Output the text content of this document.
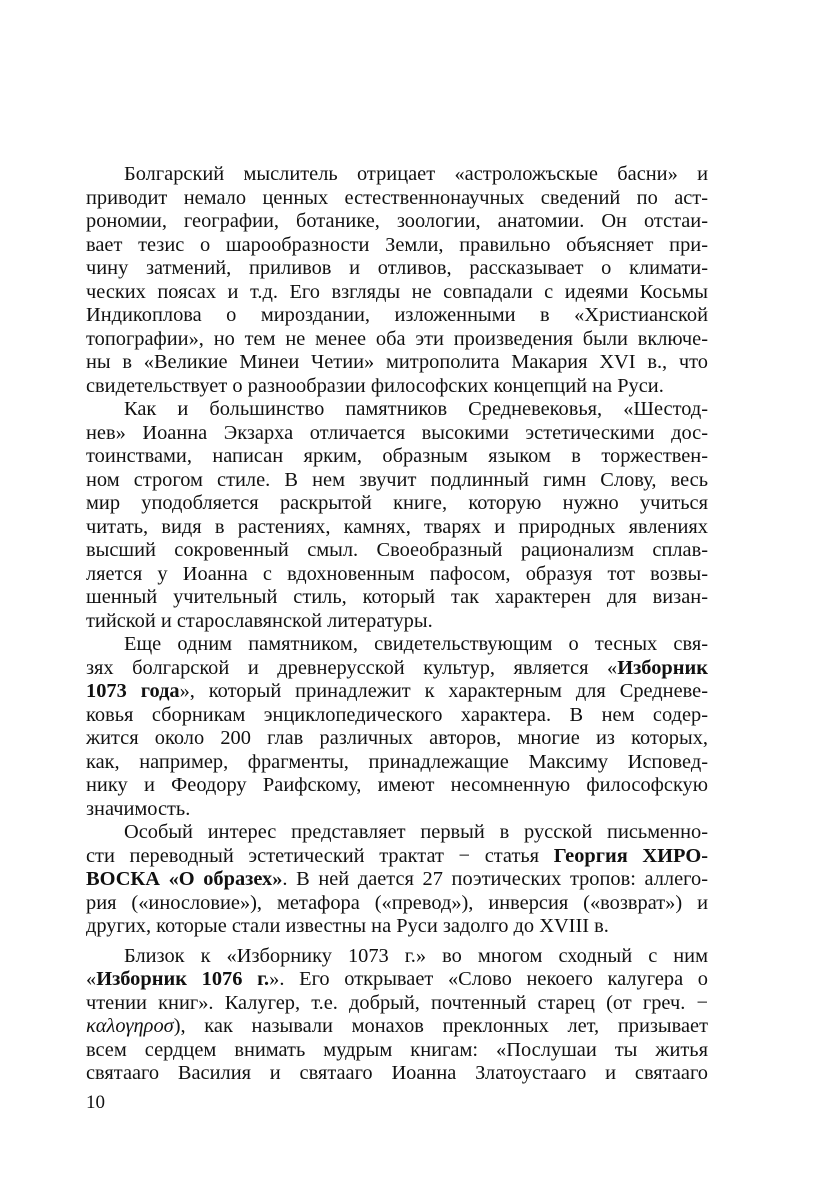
Болгарский мыслитель отрицает «астроложъскые басни» и
приводит немало ценных естественнонаучных сведений по аст-
рономии, географии, ботанике, зоологии, анатомии. Он отстаи-
вает тезис о шарообразности Земли, правильно объясняет при-
чину затмений, приливов и отливов, рассказывает о климати-
ческих поясах и т.д. Его взгляды не совпадали с идеями Косьмы
Индикоплова о мироздании, изложенными в «Христианской
топографии», но тем не менее оба эти произведения были включе-
ны в «Великие Минеи Четии» митрополита Макария XVI в., что
свидетельствует о разнообразии философских концепций на Руси.
Как и большинство памятников Средневековья, «Шестод-
нев» Иоанна Экзарха отличается высокими эстетическими дос-
тоинствами, написан ярким, образным языком в торжествен-
ном строгом стиле. В нем звучит подлинный гимн Слову, весь
мир уподобляется раскрытой книге, которую нужно учиться
читать, видя в растениях, камнях, тварях и природных явлениях
высший сокровенный смыл. Своеобразный рационализм сплав-
ляется у Иоанна с вдохновенным пафосом, образуя тот возвы-
шенный учительный стиль, который так характерен для визан-
тийской и старославянской литературы.
Еще одним памятником, свидетельствующим о тесных свя-
зях болгарской и древнерусской культур, является «Изборник
1073 года», который принадлежит к характерным для Средневе-
ковья сборникам энциклопедического характера. В нем содер-
жится около 200 глав различных авторов, многие из которых,
как, например, фрагменты, принадлежащие Максиму Исповед-
нику и Феодору Раифскому, имеют несомненную философскую
значимость.
Особый интерес представляет первый в русской письменно-
сти переводный эстетический трактат − статья Георгия ХИРО-
ВОСКА «О образех». В ней дается 27 поэтических тропов: аллего-
рия («инословие»), метафора («превод»), инверсия («возврат») и
других, которые стали известны на Руси задолго до XVIII в.
Близок к «Изборнику 1073 г.» во многом сходный с ним
«Изборник 1076 г.». Его открывает «Слово некоего калугера о
чтении книг». Калугер, т.е. добрый, почтенный старец (от греч. −
καλογηροσ), как называли монахов преклонных лет, призывает
всем сердцем внимать мудрым книгам: «Послушаи ты житья
святааго Василия и святааго Иоанна Златоустааго и святааго
10
